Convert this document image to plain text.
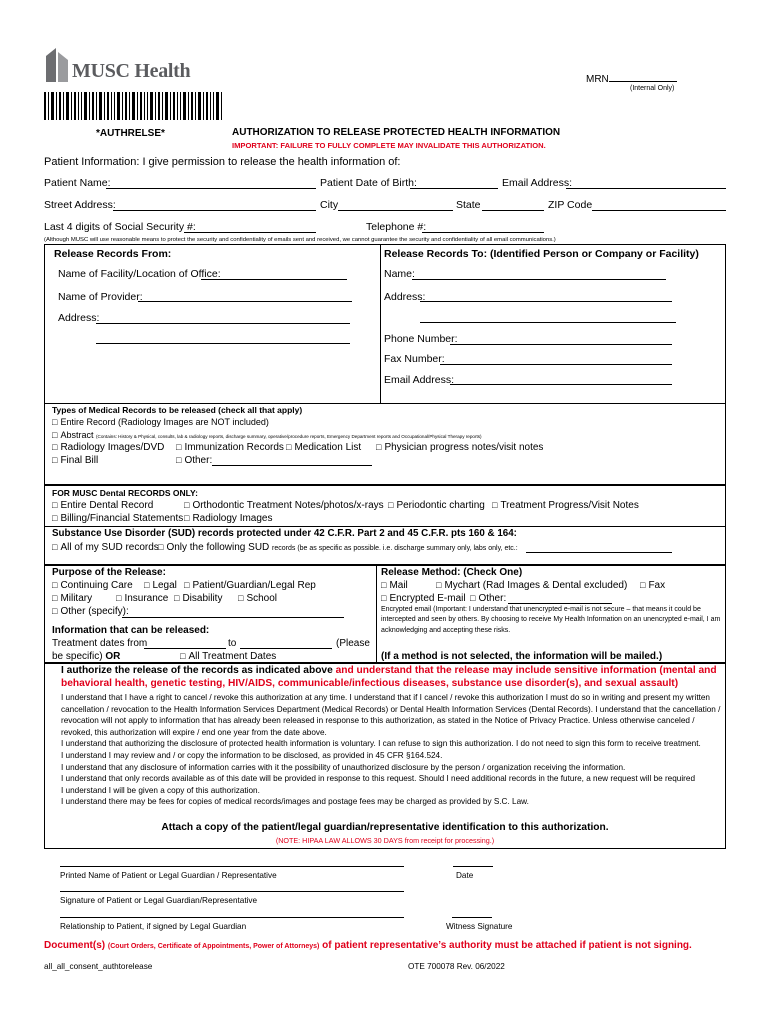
MUSC Health	MRN
(Internal Only)
*AUTHRELSE*	AUTHORIZATION TO RELEASE PROTECTED HEALTH INFORMATION
IMPORTANT: FAILURE TO FULLY COMPLETE MAY INVALIDATE THIS AUTHORIZATION.
Patient Information: I give permission to release the health information of:
Patient Name:	Patient Date of Birth:	Email Address:
Street Address:	City	State	ZIP Code
Last 4 digits of Social Security #:	Telephone #:
(Although MUSC will use reasonable means to protect the security and confidentiality of emails sent and received, we cannot guarantee the security and confidentiality of all email communications.)
Release Records From:
Name of Facility/Location of Office:
Name of Provider:
Address:
Release Records To: (Identified Person or Company or Facility)
Name:
Address:
Phone Number:
Fax Number:
Email Address:
Types of Medical Records to be released (check all that apply)
□ Entire Record (Radiology Images are NOT included)
□ Abstract (Contains: History & Physical, consults, lab & radiology reports, discharge summary, operative/procedure reports, Emergency Department reports and Occupational/Physical Therapy reports)
□ Radiology Images/DVD □	Immunization Records □	Medication List □	Physician progress notes/visit notes
□ Final Bill □	Other:
FOR MUSC Dental RECORDS ONLY:
□ Entire Dental Record □	Orthodontic Treatment Notes/photos/x-rays □	Periodontic charting □	Treatment Progress/Visit Notes
□ Billing/Financial Statements □ Radiology Images
Substance Use Disorder (SUD) records protected under 42 C.F.R. Part 2 and 45 C.F.R. pts 160 & 164:
□ All of my SUD records □ Only the following SUD records (be as specific as possible. i.e. discharge summary only, labs only, etc.:
Purpose of the Release:
□ Continuing Care □	Legal □	Patient/Guardian/Legal Rep
□ Military □	Insurance □	Disability □	School
□ Other (specify):
Information that can be released:
Treatment dates from	to	(Please
be specific) OR □	All Treatment Dates
Release Method: (Check One)
□ Mail □	Mychart (Rad Images & Dental excluded) □	Fax
□ Encrypted E-mail □	Other:
Encrypted email (Important: I understand that unencrypted e-mail is not secure – that means it could be intercepted and seen by others. By choosing to receive My Health Information on an unencrypted e-mail, I am acknowledging and accepting these risks.
(If a method is not selected, the information will be mailed.)
I authorize the release of the records as indicated above and understand that the release may include sensitive information (mental and behavioral health, genetic testing, HIV/AIDS, communicable/infectious diseases, substance use disorder(s), and sexual assault)
I understand that I have a right to cancel / revoke this authorization at any time. I understand that if I cancel / revoke this authorization I must do so in writing and present my written cancellation / revocation to the Health Information Services Department (Medical Records) or Dental Health Information Services (Dental Records). I understand that the cancellation / revocation will not apply to information that has already been released in response to this authorization, as stated in the Notice of Privacy Practice. Unless otherwise canceled / revoked, this authorization will expire / end one year from the date above.
I understand that authorizing the disclosure of protected health information is voluntary. I can refuse to sign this authorization. I do not need to sign this form to receive treatment.
I understand I may review and / or copy the information to be disclosed, as provided in 45 CFR §164.524.
I understand that any disclosure of information carries with it the possibility of unauthorized disclosure by the person / organization receiving the information.
I understand that only records available as of this date will be provided in response to this request. Should I need additional records in the future, a new request will be required
I understand I will be given a copy of this authorization.
I understand there may be fees for copies of medical records/images and postage fees may be charged as provided by S.C. Law.
Attach a copy of the patient/legal guardian/representative identification to this authorization.
(NOTE: HIPAA LAW ALLOWS 30 DAYS from receipt for processing.)
Printed Name of Patient or Legal Guardian / Representative	Date
Signature of Patient or Legal Guardian/Representative
Relationship to Patient, if signed by Legal Guardian	Witness Signature
Document(s) (Court Orders, Certificate of Appointments, Power of Attorneys) of patient representative’s authority must be attached if patient is not signing.
all_all_consent_authtorelease	OTE 700078 Rev. 06/2022
